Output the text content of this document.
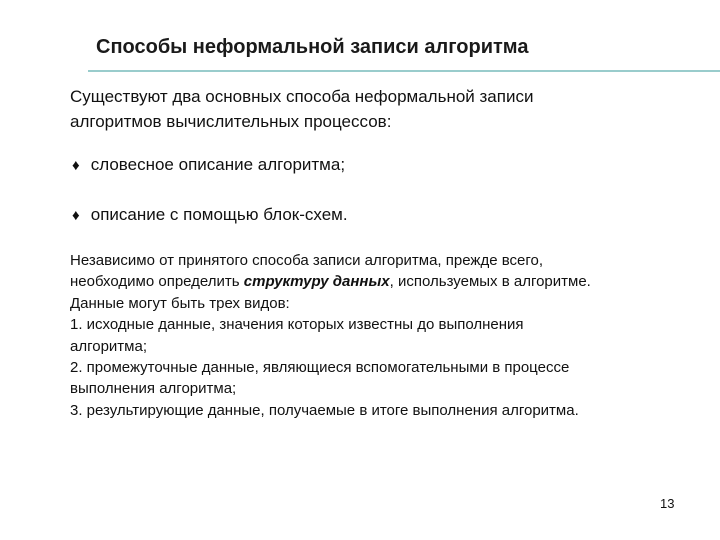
Способы неформальной записи алгоритма
Существуют два основных способа неформальной записи
алгоритмов вычислительных процессов:
♦ словесное описание алгоритма;
♦ описание с помощью блок-схем.
Независимо от принятого способа записи алгоритма, прежде всего,
необходимо определить структуру данных, используемых в алгоритме.
Данные могут быть трех видов:
1. исходные данные, значения которых известны до выполнения
алгоритма;
2. промежуточные данные, являющиеся вспомогательными в процессе
выполнения алгоритма;
3. результирующие данные, получаемые в итоге выполнения алгоритма.
13
